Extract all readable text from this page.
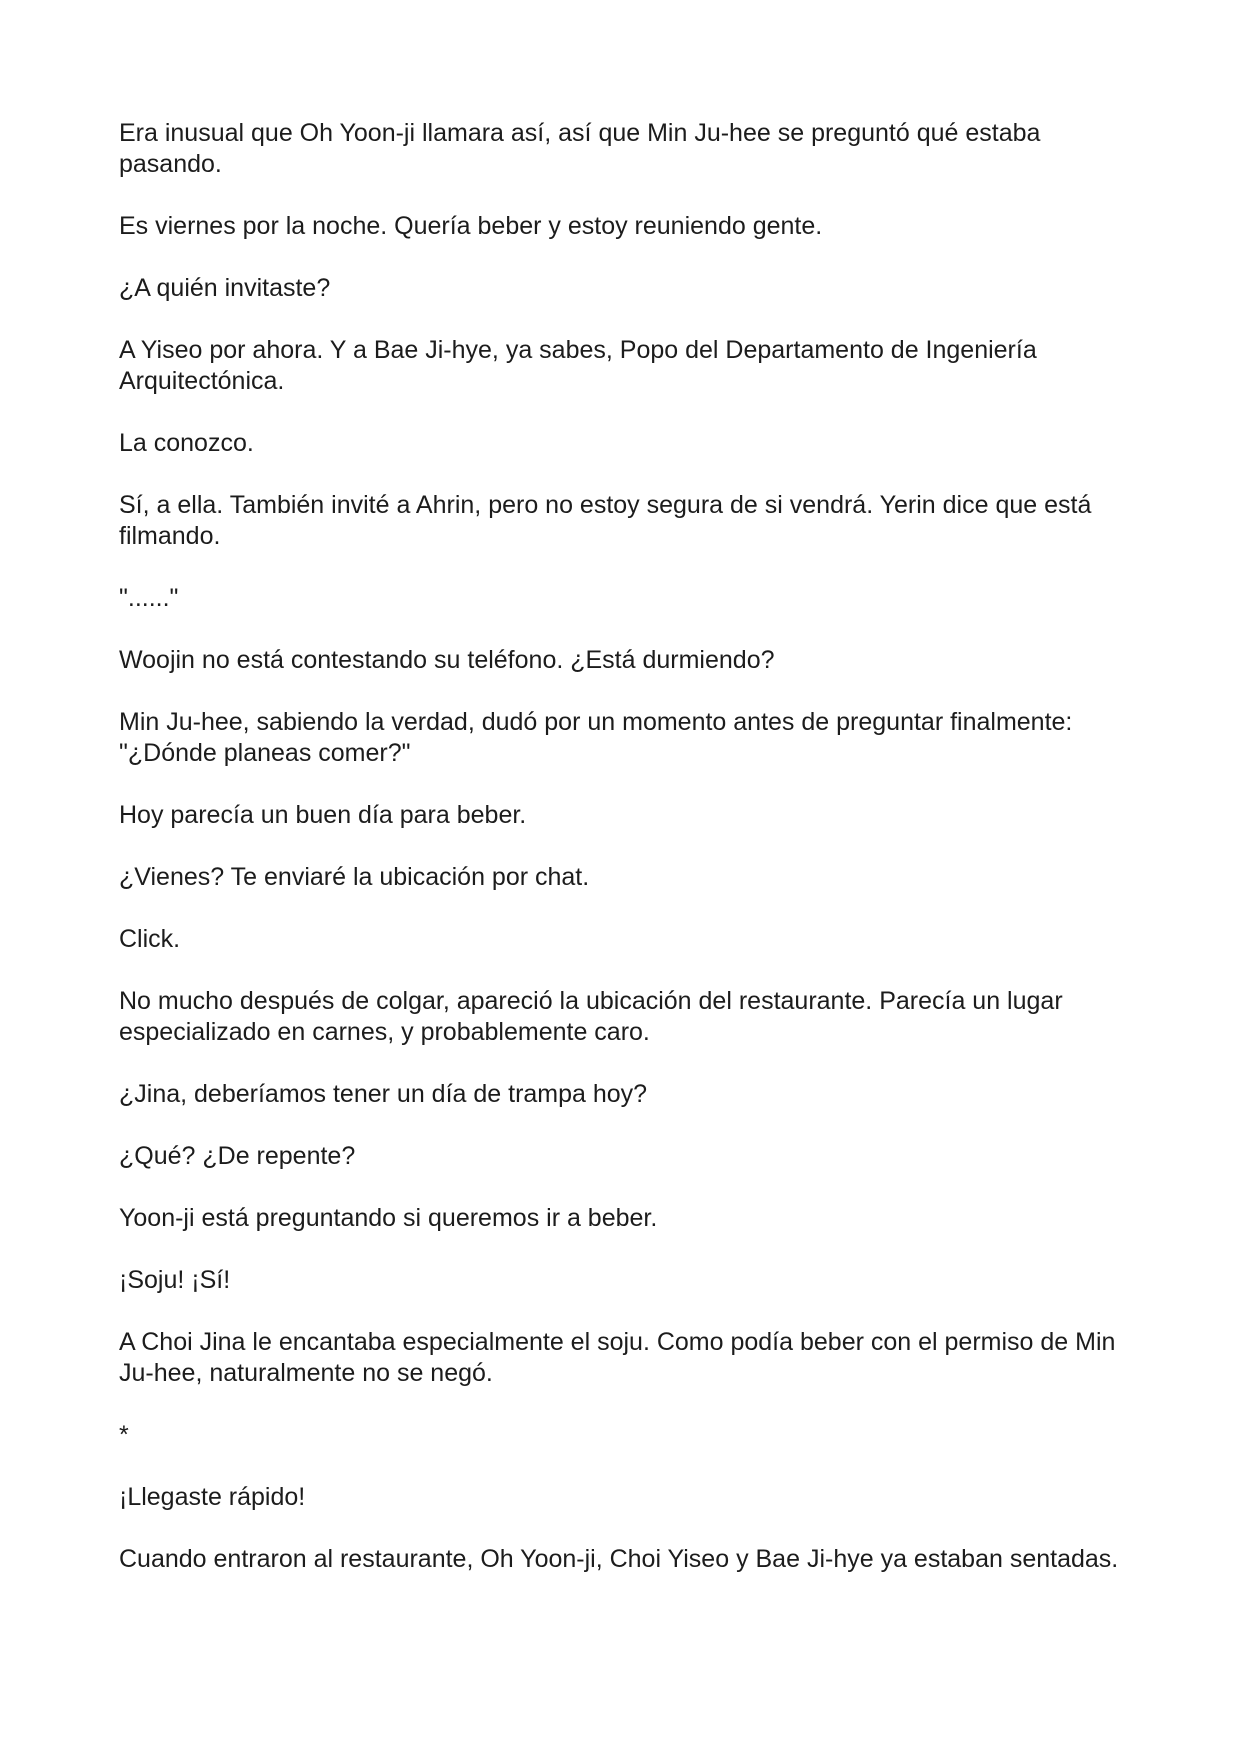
Era inusual que Oh Yoon-ji llamara así, así que Min Ju-hee se preguntó qué estaba pasando.

Es viernes por la noche. Quería beber y estoy reuniendo gente.

¿A quién invitaste?

A Yiseo por ahora. Y a Bae Ji-hye, ya sabes, Popo del Departamento de Ingeniería Arquitectónica.

La conozco.

Sí, a ella. También invité a Ahrin, pero no estoy segura de si vendrá. Yerin dice que está filmando.

"......"

Woojin no está contestando su teléfono. ¿Está durmiendo?

Min Ju-hee, sabiendo la verdad, dudó por un momento antes de preguntar finalmente: "¿Dónde planeas comer?"

Hoy parecía un buen día para beber.

¿Vienes? Te enviaré la ubicación por chat.

Click.

No mucho después de colgar, apareció la ubicación del restaurante. Parecía un lugar especializado en carnes, y probablemente caro.

¿Jina, deberíamos tener un día de trampa hoy?

¿Qué? ¿De repente?

Yoon-ji está preguntando si queremos ir a beber.

¡Soju! ¡Sí!

A Choi Jina le encantaba especialmente el soju. Como podía beber con el permiso de Min Ju-hee, naturalmente no se negó.

*

¡Llegaste rápido!

Cuando entraron al restaurante, Oh Yoon-ji, Choi Yiseo y Bae Ji-hye ya estaban sentadas.
